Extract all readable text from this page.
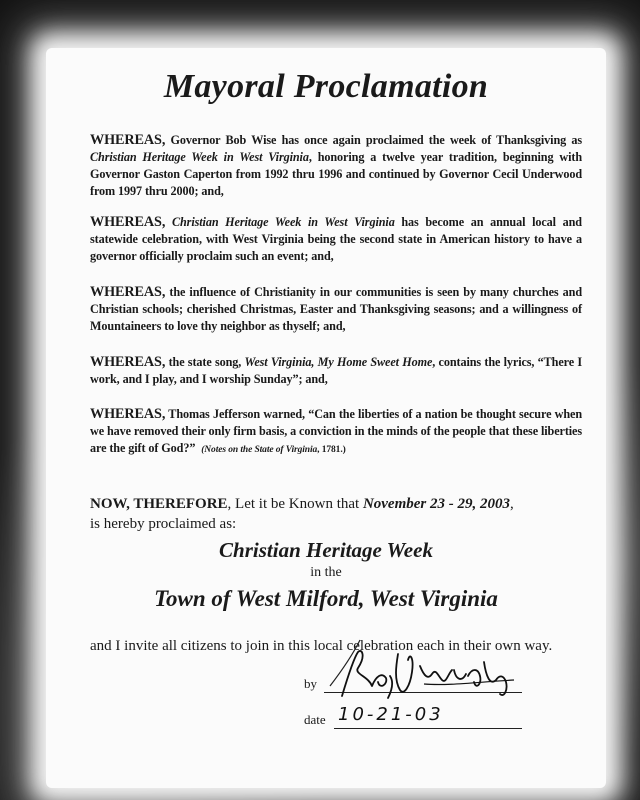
Mayoral Proclamation
WHEREAS, Governor Bob Wise has once again proclaimed the week of Thanksgiving as Christian Heritage Week in West Virginia, honoring a twelve year tradition, beginning with Governor Gaston Caperton from 1992 thru 1996 and continued by Governor Cecil Underwood from 1997 thru 2000; and,
WHEREAS, Christian Heritage Week in West Virginia has become an annual local and statewide celebration, with West Virginia being the second state in American history to have a governor officially proclaim such an event; and,
WHEREAS, the influence of Christianity in our communities is seen by many churches and Christian schools; cherished Christmas, Easter and Thanksgiving seasons; and a willingness of Mountaineers to love thy neighbor as thyself; and,
WHEREAS, the state song, West Virginia, My Home Sweet Home, contains the lyrics, “There I work, and I play, and I worship Sunday”; and,
WHEREAS, Thomas Jefferson warned, “Can the liberties of a nation be thought secure when we have removed their only firm basis, a conviction in the minds of the people that these liberties are the gift of God?” (Notes on the State of Virginia, 1781.)
NOW, THEREFORE, Let it be Known that November 23 - 29, 2003,
is hereby proclaimed as:
Christian Heritage Week
in the
Town of West Milford, West Virginia
and I invite all citizens to join in this local celebration each in their own way.
by
date 10-21-03
